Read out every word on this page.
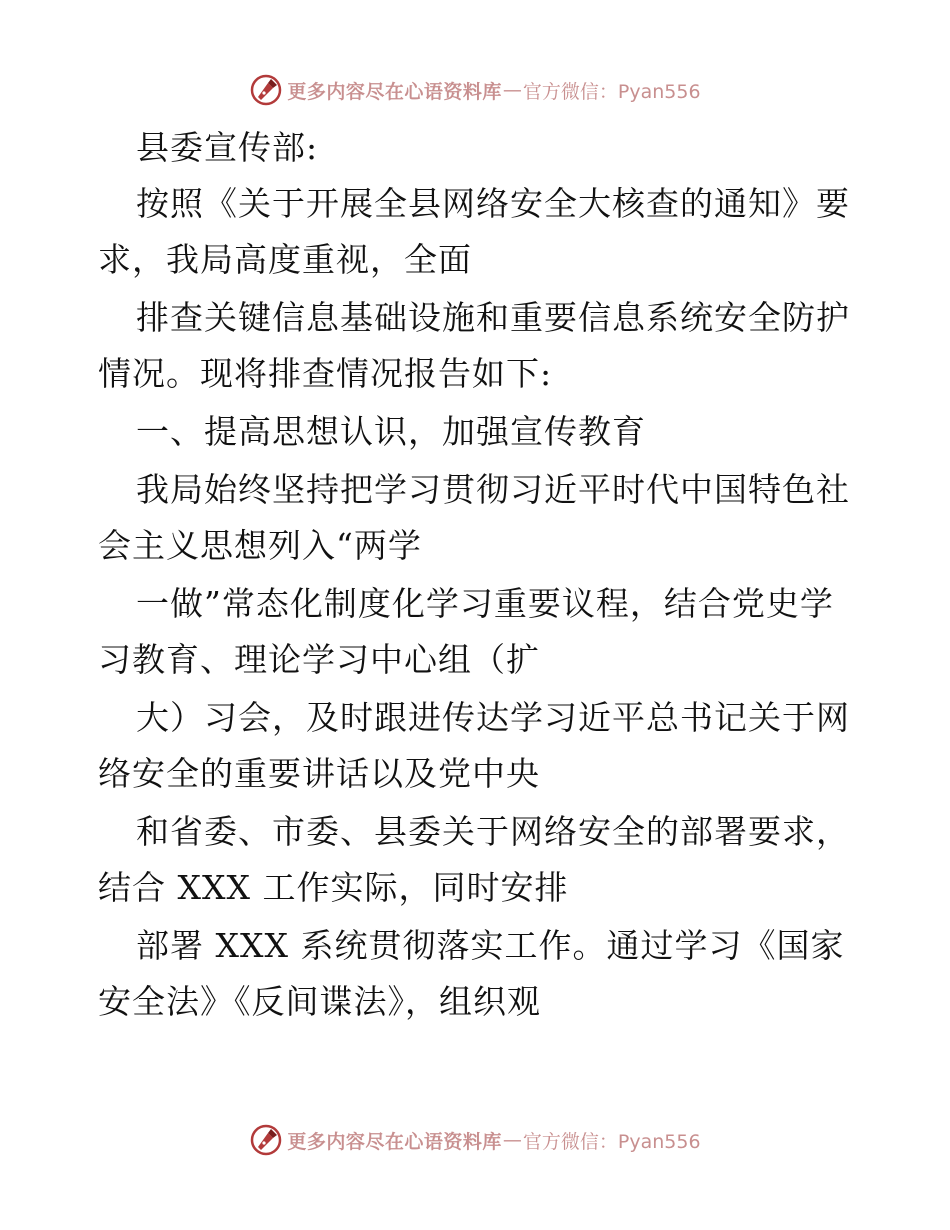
更多内容尽在心语资料库 — 官方微信：Pyan556
县委宣传部:
按照《关于开展全县网络安全大核查的通知》要
求，我局高度重视，全面
排查关键信息基础设施和重要信息系统安全防护
情况。现将排查情况报告如下:
一、提高思想认识，加强宣传教育
我局始终坚持把学习贯彻习近平时代中国特色社
会主义思想列入“两学
一做”常态化制度化学习重要议程，结合党史学
习教育、理论学习中心组（扩
大）习会，及时跟进传达学习近平总书记关于网
络安全的重要讲话以及党中央
和省委、市委、县委关于网络安全的部署要求，
结合 XXX 工作实际，同时安排
部署 XXX 系统贯彻落实工作。通过学习《国家
安全法》《反间谍法》，组织观
更多内容尽在心语资料库 — 官方微信：Pyan556
